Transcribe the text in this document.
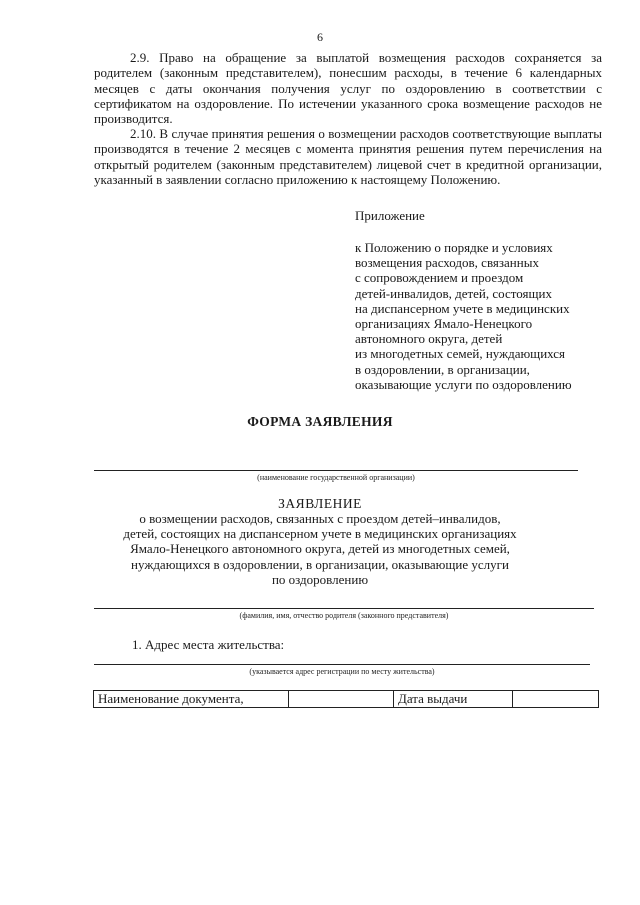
6

2.9. Право на обращение за выплатой возмещения расходов сохраняется за родителем (законным представителем), понесшим расходы, в течение 6 календарных месяцев с даты окончания получения услуг по оздоровлению в соответствии с сертификатом на оздоровление. По истечении указанного срока возмещение расходов не производится.

2.10. В случае принятия решения о возмещении расходов соответствующие выплаты производятся в течение 2 месяцев с момента принятия решения путем перечисления на открытый родителем (законным представителем) лицевой счет в кредитной организации, указанный в заявлении согласно приложению к настоящему Положению.

Приложение

к Положению о порядке и условиях
возмещения расходов, связанных
с сопровождением и проездом
детей-инвалидов, детей, состоящих
на диспансерном учете в медицинских
организациях Ямало-Ненецкого
автономного округа, детей
из многодетных семей, нуждающихся
в оздоровлении, в организации,
оказывающие услуги по оздоровлению

ФОРМА ЗАЯВЛЕНИЯ
(наименование государственной организации)
ЗАЯВЛЕНИЕ

о возмещении расходов, связанных с проездом детей–инвалидов,
детей, состоящих на диспансерном учете в медицинских организациях
Ямало-Ненецкого автономного округа, детей из многодетных семей,
нуждающихся в оздоровлении, в организации, оказывающие услуги
по оздоровлению

(фамилия, имя, отчество родителя (законного представителя)
1. Адрес места жительства:
(указывается адрес регистрации по месту жительства)
Наименование документа,		Дата выдачи	
